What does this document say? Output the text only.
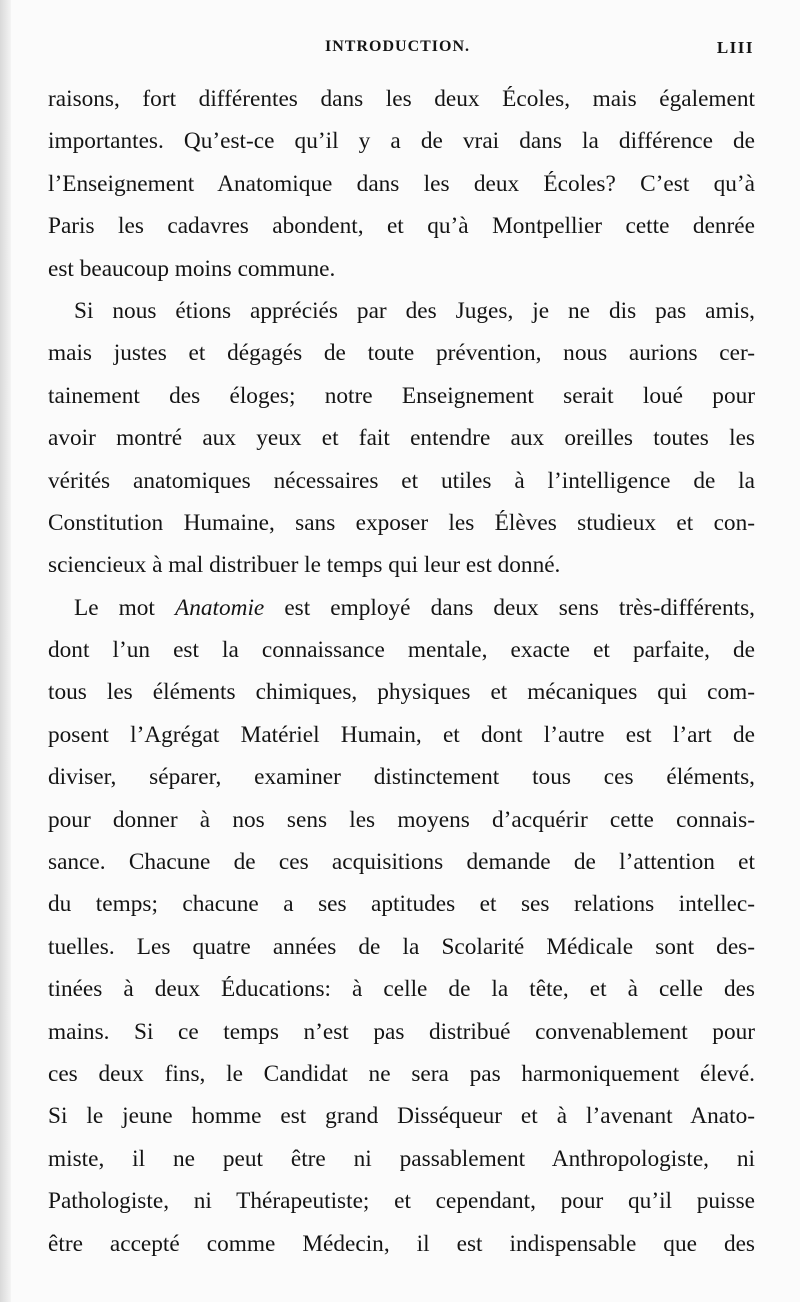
INTRODUCTION.	LIII
raisons, fort différentes dans les deux Écoles, mais également
importantes. Qu’est-ce qu’il y a de vrai dans la différence de
l’Enseignement Anatomique dans les deux Écoles? C’est qu’à
Paris les cadavres abondent, et qu’à Montpellier cette denrée
est beaucoup moins commune.
Si nous étions appréciés par des Juges, je ne dis pas amis,
mais justes et dégagés de toute prévention, nous aurions cer-
tainement des éloges; notre Enseignement serait loué pour
avoir montré aux yeux et fait entendre aux oreilles toutes les
vérités anatomiques nécessaires et utiles à l’intelligence de la
Constitution Humaine, sans exposer les Élèves studieux et con-
sciencieux à mal distribuer le temps qui leur est donné.
Le mot Anatomie est employé dans deux sens très-différents,
dont l’un est la connaissance mentale, exacte et parfaite, de
tous les éléments chimiques, physiques et mécaniques qui com-
posent l’Agrégat Matériel Humain, et dont l’autre est l’art de
diviser, séparer, examiner distinctement tous ces éléments,
pour donner à nos sens les moyens d’acquérir cette connais-
sance. Chacune de ces acquisitions demande de l’attention et
du temps; chacune a ses aptitudes et ses relations intellec-
tuelles. Les quatre années de la Scolarité Médicale sont des-
tinées à deux Éducations: à celle de la tête, et à celle des
mains. Si ce temps n’est pas distribué convenablement pour
ces deux fins, le Candidat ne sera pas harmoniquement élevé.
Si le jeune homme est grand Disséqueur et à l’avenant Anato-
miste, il ne peut être ni passablement Anthropologiste, ni
Pathologiste, ni Thérapeutiste; et cependant, pour qu’il puisse
être accepté comme Médecin, il est indispensable que des
